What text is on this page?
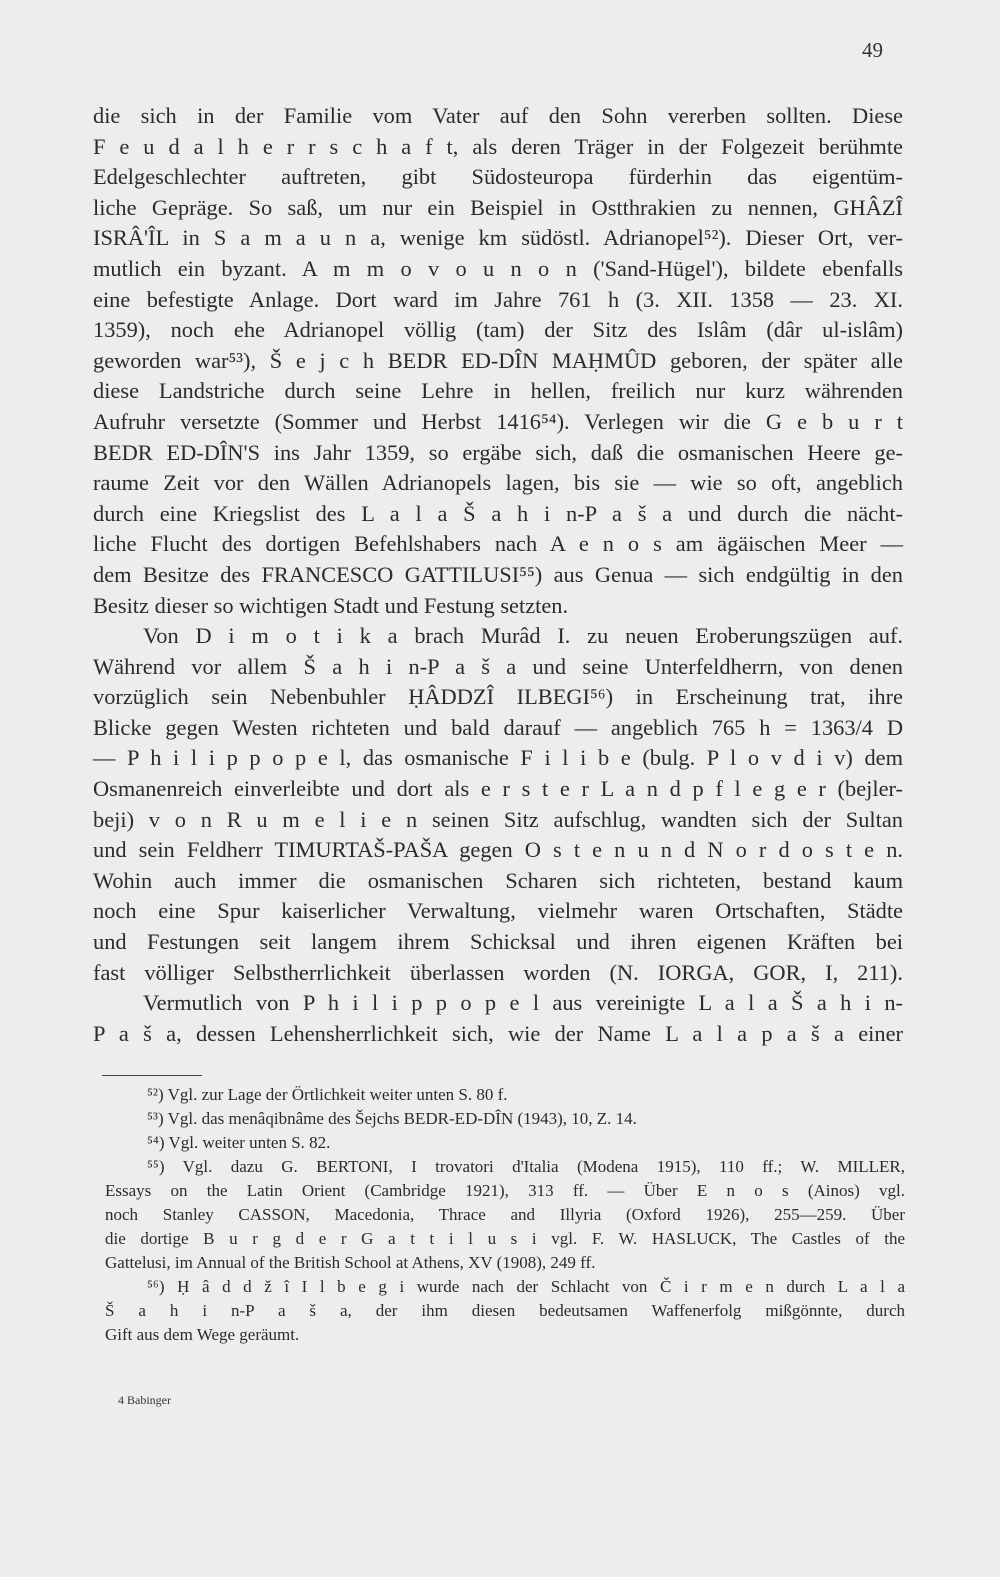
49
die sich in der Familie vom Vater auf den Sohn vererben sollten. Diese
F e u d a l h e r r s c h a f t, als deren Träger in der Folgezeit berühmte
Edelgeschlechter auftreten, gibt Südosteuropa fürderhin das eigentüm-
liche Gepräge. So saß, um nur ein Beispiel in Ostthrakien zu nennen, GHÂZÎ
ISRÂ'ÎL in S a m a u n a, wenige km südöstl. Adrianopel⁵²). Dieser Ort, ver-
mutlich ein byzant. A m m o v o u n o n ('Sand-Hügel'), bildete ebenfalls
eine befestigte Anlage. Dort ward im Jahre 761 h (3. XII. 1358 — 23. XI.
1359), noch ehe Adrianopel völlig (tam) der Sitz des Islâm (dâr ul-islâm)
geworden war⁵³), Š e j c h BEDR ED-DÎN MAḤMÛD geboren, der später alle
diese Landstriche durch seine Lehre in hellen, freilich nur kurz währenden
Aufruhr versetzte (Sommer und Herbst 1416⁵⁴). Verlegen wir die G e b u r t
BEDR ED-DÎN'S ins Jahr 1359, so ergäbe sich, daß die osmanischen Heere ge-
raume Zeit vor den Wällen Adrianopels lagen, bis sie — wie so oft, angeblich
durch eine Kriegslist des L a l a Š a h i n-P a š a und durch die nächt-
liche Flucht des dortigen Befehlshabers nach A e n o s am ägäischen Meer —
dem Besitze des FRANCESCO GATTILUSI⁵⁵) aus Genua — sich endgültig in den
Besitz dieser so wichtigen Stadt und Festung setzten.
Von D i m o t i k a brach Murâd I. zu neuen Eroberungszügen auf.
Während vor allem Š a h i n-P a š a und seine Unterfeldherrn, von denen
vorzüglich sein Nebenbuhler ḤÂDDZÎ ILBEGI⁵⁶) in Erscheinung trat, ihre
Blicke gegen Westen richteten und bald darauf — angeblich 765 h = 1363/4 D
— P h i l i p p o p e l, das osmanische F i l i b e (bulg. P l o v d i v) dem
Osmanenreich einverleibte und dort als e r s t e r L a n d p f l e g e r (bejler-
beji) v o n R u m e l i e n seinen Sitz aufschlug, wandten sich der Sultan
und sein Feldherr TIMURTAŠ-PAŠA gegen O s t e n u n d N o r d o s t e n.
Wohin auch immer die osmanischen Scharen sich richteten, bestand kaum
noch eine Spur kaiserlicher Verwaltung, vielmehr waren Ortschaften, Städte
und Festungen seit langem ihrem Schicksal und ihren eigenen Kräften bei
fast völliger Selbstherrlichkeit überlassen worden (N. IORGA, GOR, I, 211).
Vermutlich von P h i l i p p o p e l aus vereinigte L a l a Š a h i n-
P a š a, dessen Lehensherrlichkeit sich, wie der Name L a l a p a š a einer
⁵²) Vgl. zur Lage der Örtlichkeit weiter unten S. 80 f.
⁵³) Vgl. das menâqibnâme des Šejchs BEDR-ED-DÎN (1943), 10, Z. 14.
⁵⁴) Vgl. weiter unten S. 82.
⁵⁵) Vgl. dazu G. BERTONI, I trovatori d'Italia (Modena 1915), 110 ff.; W. MILLER,
Essays on the Latin Orient (Cambridge 1921), 313 ff. — Über E n o s (Ainos) vgl.
noch Stanley CASSON, Macedonia, Thrace and Illyria (Oxford 1926), 255—259. Über
die dortige B u r g d e r G a t t i l u s i vgl. F. W. HASLUCK, The Castles of the
Gattelusi, im Annual of the British School at Athens, XV (1908), 249 ff.
⁵⁶) Ḥ â d d ž î I l b e g i wurde nach der Schlacht von Č i r m e n durch L a l a
Š a h i n-P a š a, der ihm diesen bedeutsamen Waffenerfolg mißgönnte, durch
Gift aus dem Wege geräumt.
4 Babinger
